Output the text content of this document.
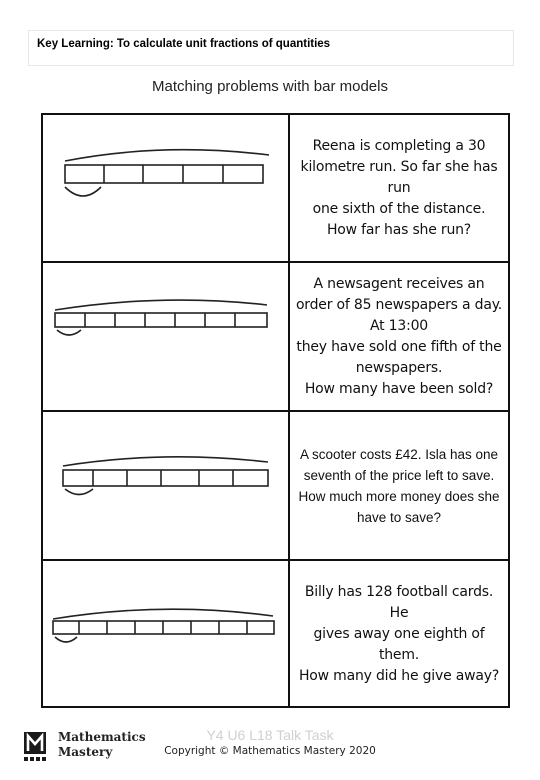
Key Learning: To calculate unit fractions of quantities
Matching problems with bar models
Reena is completing a 30
kilometre run. So far she has run
one sixth of the distance.
How far has she run?
A newsagent receives an
order of 85 newspapers a day.
At 13:00
they have sold one fifth of the
newspapers.
How many have been sold?
A scooter costs £42. Isla has one
seventh of the price left to save.
How much more money does she
have to save?
Billy has 128 football cards. He
gives away one eighth of them.
How many did he give away?
Mathematics
Mastery
Y4 U6 L18 Talk Task
Copyright © Mathematics Mastery 2020
